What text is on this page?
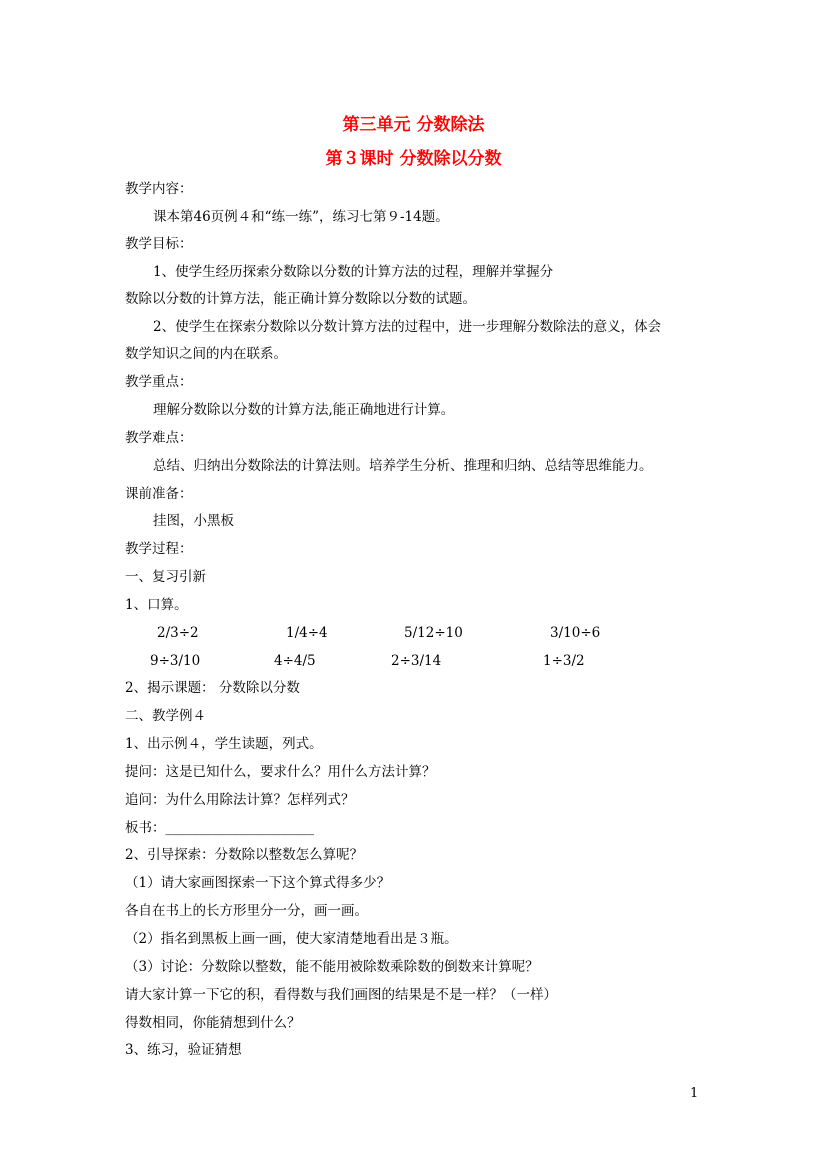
第三单元 分数除法
第３课时 分数除以分数
教学内容：
课本第46页例４和“练一练”，练习七第９-14题。
教学目标：
1、使学生经历探索分数除以分数的计算方法的过程，理解并掌握分
数除以分数的计算方法，能正确计算分数除以分数的试题。
2、使学生在探索分数除以分数计算方法的过程中，进一步理解分数除法的意义，体会
数学知识之间的内在联系。
教学重点：
理解分数除以分数的计算方法,能正确地进行计算。
教学难点：
总结、归纳出分数除法的计算法则。培养学生分析、推理和归纳、总结等思维能力。
课前准备：
挂图，小黑板
教学过程：
一、复习引新
1、口算。
2/3÷2	1/4÷4	5/12÷10	3/10÷6
9÷3/10	4÷4/5	2÷3/14	1÷3/2
2、揭示课题： 分数除以分数
二、教学例４
1、出示例４，学生读题，列式。
提问：这是已知什么，要求什么？用什么方法计算？
追问：为什么用除法计算？怎样列式？
板书：______________________
2、引导探索：分数除以整数怎么算呢？
（1）请大家画图探索一下这个算式得多少？
各自在书上的长方形里分一分，画一画。
（2）指名到黑板上画一画，使大家清楚地看出是３瓶。
（3）讨论：分数除以整数，能不能用被除数乘除数的倒数来计算呢？
请大家计算一下它的积，看得数与我们画图的结果是不是一样？（一样）
得数相同，你能猜想到什么？
3、练习，验证猜想
1
